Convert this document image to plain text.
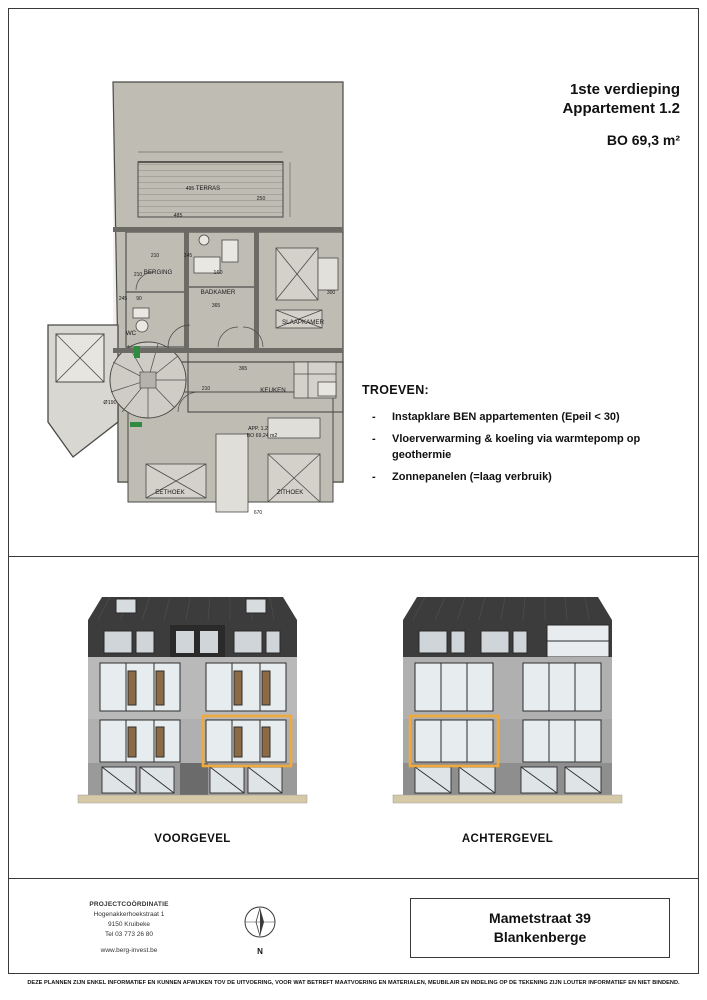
1ste verdieping
Appartement 1.2
BO 69,3 m²
TROEVEN:
- Instapklare BEN appartementen (Epeil < 30)
- Vloerverwarming & koeling via warmtepomp op geothermie
- Zonnepanelen (=laag verbruik)
TERRAS
485
250
210	145
495
BERGING	160
BADKAMER
365
210
245 90
SLAAPKAMER
300
WC
KEUKEN
365
Ø190
210
EETHOEK	ZITHOEK
670
APP. 1.2
BO 69,24 m2
VOORGEVEL	ACHTERGEVEL
PROJECTCOÖRDINATIE
Hogenakkerhoekstraat 1
9150 Kruibeke
Tel 03 773 26 80
www.berg-invest.be	N
Mametstraat 39
Blankenberge
DEZE PLANNEN ZIJN ENKEL INFORMATIEF EN KUNNEN AFWIJKEN TOV DE UITVOERING, VOOR WAT BETREFT MAATVOERING EN MATERIALEN, MEUBILAIR EN INDELING OP DE TEKENING ZIJN LOUTER INFORMATIEF EN NIET BINDEND.
